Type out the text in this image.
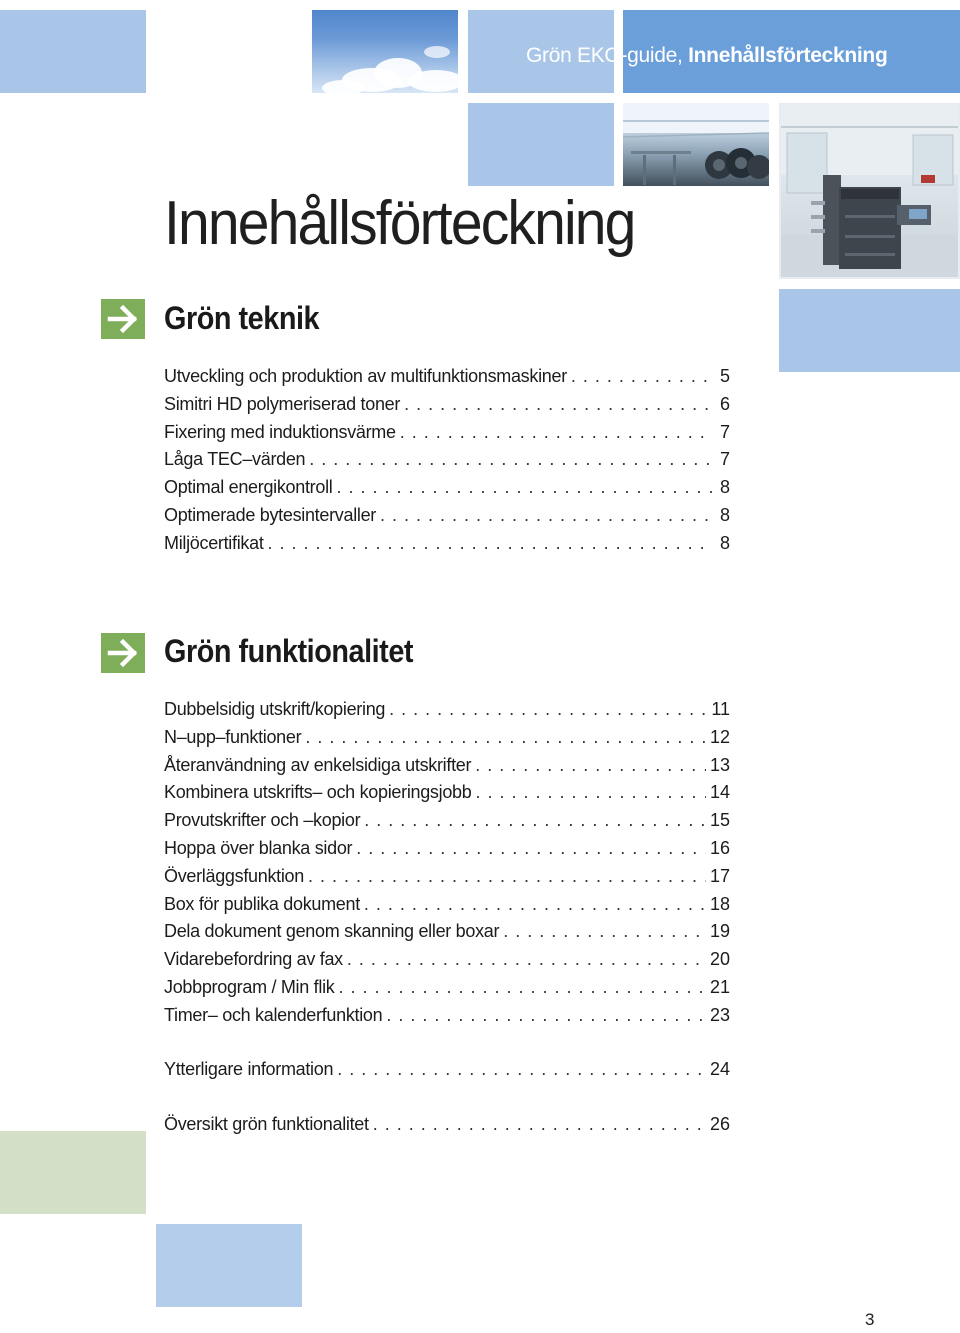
Grön EKO-guide, Innehållsförteckning
Innehållsförteckning
Grön teknik
Utveckling och produktion av multifunktionsmaskiner . . .	5
Simitri HD polymeriserad toner . . .	6
Fixering med induktionsvärme . . .	7
Låga TEC–värden . . .	7
Optimal energikontroll . . .	8
Optimerade bytesintervaller . . .	8
Miljöcertifikat . . .	8
Grön funktionalitet
Dubbelsidig utskrift/kopiering . . .	11
N–upp–funktioner . . .	12
Återanvändning av enkelsidiga utskrifter . . .	13
Kombinera utskrifts– och kopieringsjobb . . .	14
Provutskrifter och –kopior . . .	15
Hoppa över blanka sidor . . .	16
Överläggsfunktion . . .	17
Box för publika dokument . . .	18
Dela dokument genom skanning eller boxar . . .	19
Vidarebefordring av fax . . .	20
Jobbprogram / Min flik . . .	21
Timer– och kalenderfunktion . . .	23
Ytterligare information . . .	24
Översikt grön funktionalitet . . .	26
3
